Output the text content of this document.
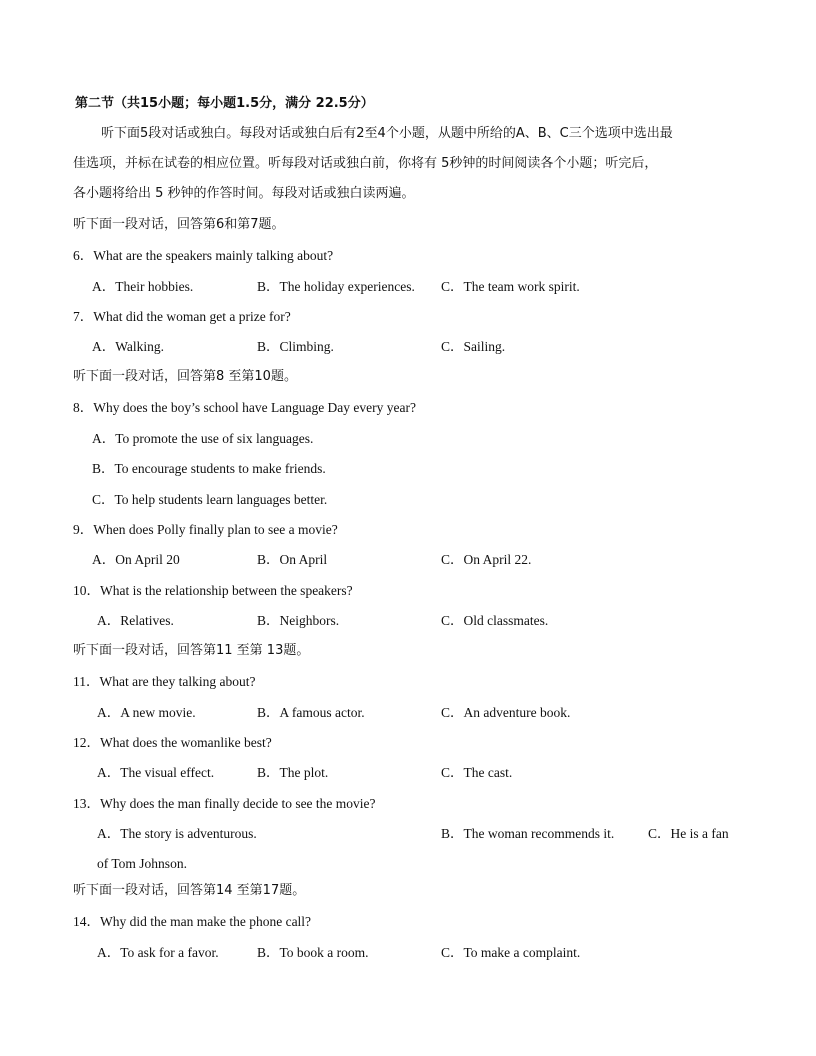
第二节（共15小题；每小题1.5分，满分 22.5分）
听下面5段对话或独白。每段对话或独白后有2至4个小题，从题中所给的A、B、C三个选项中选出最
佳选项，并标在试卷的相应位置。听每段对话或独白前，你将有 5秒钟的时间阅读各个小题；听完后，
各小题将给出 5 秒钟的作答时间。每段对话或独白读两遍。
听下面一段对话，回答第6和第7题。
6．What are the speakers mainly talking about?
A．Their hobbies.	B．The holiday experiences. C．The team work spirit.
7．What did the woman get a prize for?
A．Walking.	B．Climbing.	C．Sailing.
听下面一段对话，回答第8 至第10题。
8．Why does the boy’s school have Language Day every year?
A．To promote the use of six languages.
B．To encourage students to make friends.
C．To help students learn languages better.
9．When does Polly finally plan to see a movie?
A．On April 20	B．On April	C．On April 22.
10．What is the relationship between the speakers?
A．Relatives.	B．Neighbors.	C．Old classmates.
听下面一段对话，回答第11 至第 13题。
11．What are they talking about?
A．A new movie.	B．A famous actor.	C．An adventure book.
12．What does the womanlike best?
A．The visual effect.	B．The plot.	C．The cast.
13．Why does the man finally decide to see the movie?
A．The story is adventurous.	B．The woman recommends it.	C．He is a fan
of Tom Johnson.
听下面一段对话，回答第14 至第17题。
14．Why did the man make the phone call?
A．To ask for a favor.	B．To book a room.	C．To make a complaint.
